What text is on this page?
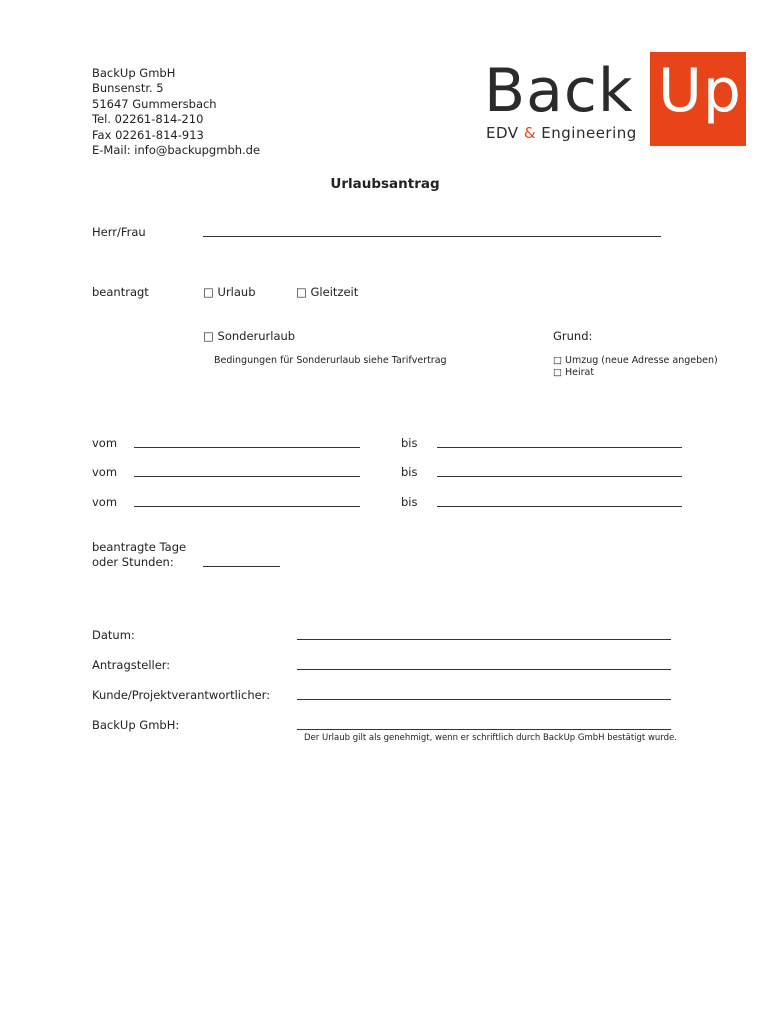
BackUp GmbH
Bunsenstr. 5
51647 Gummersbach
Tel. 02261-814-210
Fax 02261-814-913
E-Mail: info@backupgmbh.de
Back Up
EDV & Engineering
Urlaubsantrag
Herr/Frau
beantragt	□ Urlaub	□ Gleitzeit
□ Sonderurlaub
Bedingungen für Sonderurlaub siehe Tarifvertrag
Grund:
□ Umzug (neue Adresse angeben)
□ Heirat
vom	bis
vom	bis
vom	bis
beantragte Tage
oder Stunden:
Datum:
Antragsteller:
Kunde/Projektverantwortlicher:
BackUp GmbH:
Der Urlaub gilt als genehmigt, wenn er schriftlich durch BackUp GmbH bestätigt wurde.
